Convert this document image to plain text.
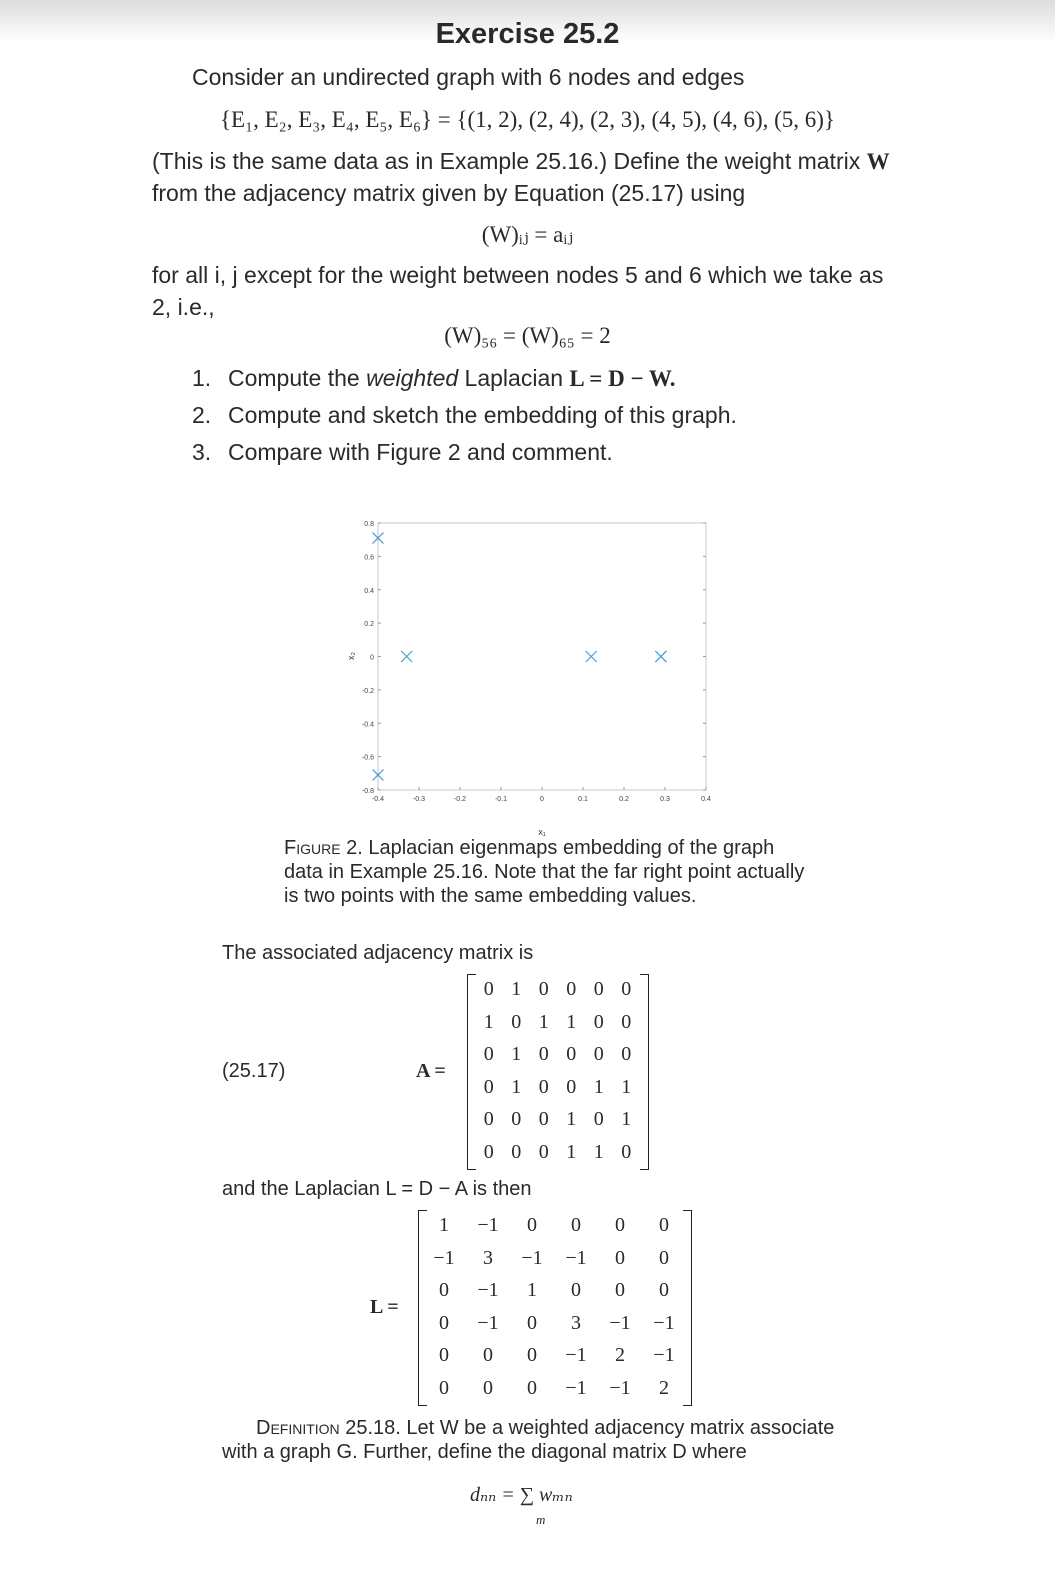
Exercise 25.2
Consider an undirected graph with 6 nodes and edges
{E₁, E₂, E₃, E₄, E₅, E₆} = {(1, 2), (2, 4), (2, 3), (4, 5), (4, 6), (5, 6)}
(This is the same data as in Example 25.16.) Define the weight matrix W
from the adjacency matrix given by Equation (25.17) using
(W)ᵢⱼ = aᵢⱼ
for all i, j except for the weight between nodes 5 and 6 which we take as
2, i.e.,
(W)₅₆ = (W)₆₅ = 2
1. Compute the weighted Laplacian L = D − W.
2. Compute and sketch the embedding of this graph.
3. Compare with Figure 2 and comment.
-0.4	-0.3	-0.2	-0.1	0	0.1	0.2	0.3	0.4
0.8
0.6
0.4
0.2
0
-0.2
-0.4
-0.6
-0.8
x₁
x₂
Figure 2. Laplacian eigenmaps embedding of the graph
data in Example 25.16. Note that the far right point actually
is two points with the same embedding values.
The associated adjacency matrix is
(25.17)	A =
0 1 0 0 0 0
1 0 1 1 0 0
0 1 0 0 0 0
0 1 0 0 1 1
0 0 0 1 0 1
0 0 0 1 1 0
and the Laplacian L = D − A is then
L =
1	−1	0	0	0	0
−1	3	−1	−1	0	0
0	−1	1	0	0	0
0	−1	0	3	−1	−1
0	0	0	−1	2	−1
0	0	0	−1	−1	2
Definition 25.18. Let W be a weighted adjacency matrix associate
with a graph G. Further, define the diagonal matrix D where
dₙₙ = ∑ wₘₙ
m
